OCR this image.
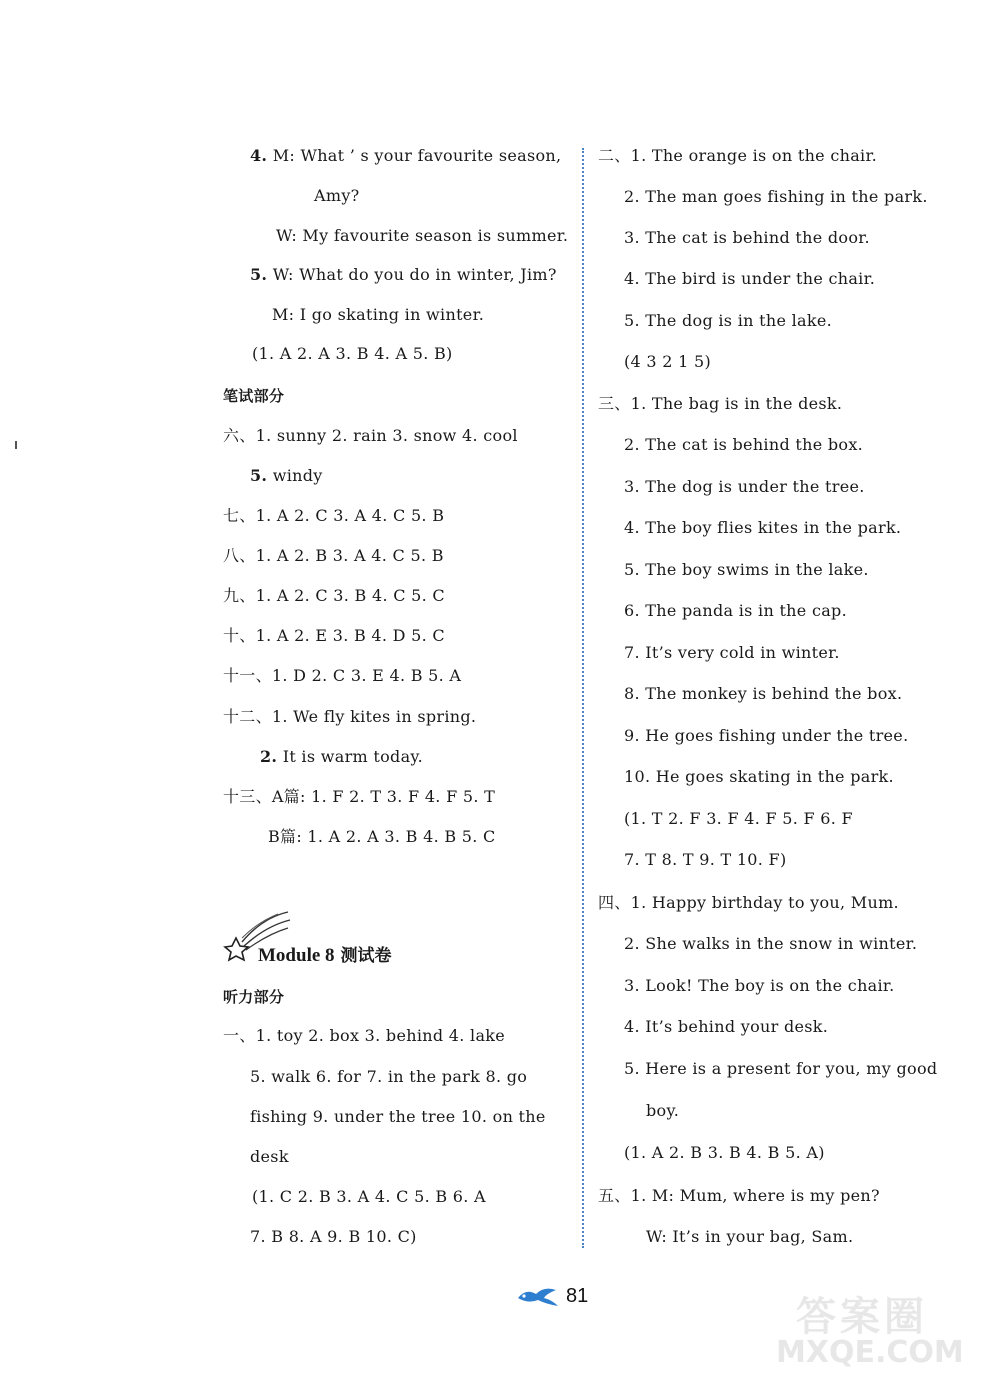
4. M: What ’ s your favourite season,
Amy?
W: My favourite season is summer.
5. W: What do you do in winter, Jim?
M: I go skating in winter.
(1. A 2. A 3. B 4. A 5. B)
笔试部分
六、1. sunny 2. rain 3. snow 4. cool
5. windy
七、1. A 2. C 3. A 4. C 5. B
八、1. A 2. B 3. A 4. C 5. B
九、1. A 2. C 3. B 4. C 5. C
十、1. A 2. E 3. B 4. D 5. C
十一、1. D 2. C 3. E 4. B 5. A
十二、1. We fly kites in spring.
2. It is warm today.
十三、A篇: 1. F 2. T 3. F 4. F 5. T
B篇: 1. A 2. A 3. B 4. B 5. C
听力部分
一、1. toy 2. box 3. behind 4. lake
5. walk 6. for 7. in the park 8. go
fishing 9. under the tree 10. on the
desk
(1. C 2. B 3. A 4. C 5. B 6. A
7. B 8. A 9. B 10. C)
二、1. The orange is on the chair.
2. The man goes fishing in the park.
3. The cat is behind the door.
4. The bird is under the chair.
5. The dog is in the lake.
(4 3 2 1 5)
三、1. The bag is in the desk.
2. The cat is behind the box.
3. The dog is under the tree.
4. The boy flies kites in the park.
5. The boy swims in the lake.
6. The panda is in the cap.
7. It’s very cold in winter.
8. The monkey is behind the box.
9. He goes fishing under the tree.
10. He goes skating in the park.
(1. T 2. F 3. F 4. F 5. F 6. F
7. T 8. T 9. T 10. F)
四、1. Happy birthday to you, Mum.
2. She walks in the snow in winter.
3. Look! The boy is on the chair.
4. It’s behind your desk.
5. Here is a present for you, my good
boy.
(1. A 2. B 3. B 4. B 5. A)
五、1. M: Mum, where is my pen?
W: It’s in your bag, Sam.
Module 8 测试卷
81	答案圈
MXQE.COM
